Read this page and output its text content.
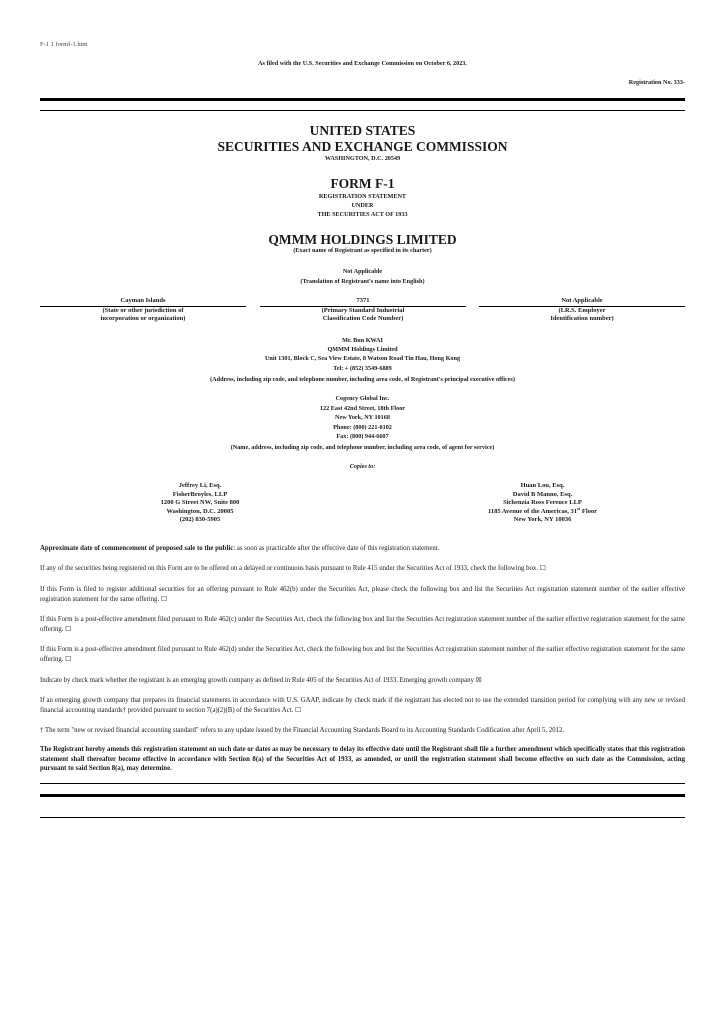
F-1 1 formf-1.htm
As filed with the U.S. Securities and Exchange Commission on October 6, 2023.
Registration No. 333-
UNITED STATES
SECURITIES AND EXCHANGE COMMISSION
WASHINGTON, D.C. 20549
FORM F-1
REGISTRATION STATEMENT
UNDER
THE SECURITIES ACT OF 1933
QMMM HOLDINGS LIMITED
(Exact name of Registrant as specified in its charter)
Not Applicable
(Translation of Registrant's name into English)
Cayman Islands
(State or other jurisdiction of
incorporation or organization)
7371
(Primary Standard Industrial
Classification Code Number)
Not Applicable
(I.R.S. Employer
Identification number)
Mr. Bun KWAI
QMMM Holdings Limited
Unit 1301, Block C, Sea View Estate, 8 Watson Road Tin Hau, Hong Kong
Tel: + (852) 3549-6889
(Address, including zip code, and telephone number, including area code, of Registrant's principal executive offices)
Cogency Global Inc.
122 East 42nd Street, 18th Floor
New York, NY 10168
Phone: (800) 221-0102
Fax: (800) 944-6607
(Name, address, including zip code, and telephone number, including area code, of agent for service)
Copies to:
Jeffrey Li, Esq.
FisherBroyles, LLP
1200 G Street NW, Suite 800
Washington, D.C. 20005
(202) 830-5905
Huan Lou, Esq.
David B Manno, Esq.
Sichenzia Ross Ference LLP
1185 Avenue of the Americas, 31st Floor
New York, NY 10036
Approximate date of commencement of proposed sale to the public: as soon as practicable after the effective date of this registration statement.
If any of the securities being registered on this Form are to be offered on a delayed or continuous basis pursuant to Rule 415 under the Securities Act of 1933, check the following box. ☐
If this Form is filed to register additional securities for an offering pursuant to Rule 462(b) under the Securities Act, please check the following box and list the Securities Act registration statement number of the earlier effective registration statement for the same offering. ☐
If this Form is a post-effective amendment filed pursuant to Rule 462(c) under the Securities Act, check the following box and list the Securities Act registration statement number of the earlier effective registration statement for the same offering. ☐
If this Form is a post-effective amendment filed pursuant to Rule 462(d) under the Securities Act, check the following box and list the Securities Act registration statement number of the earlier effective registration statement for the same offering. ☐
Indicate by check mark whether the registrant is an emerging growth company as defined in Rule 405 of the Securities Act of 1933. Emerging growth company ☒
If an emerging growth company that prepares its financial statements in accordance with U.S. GAAP, indicate by check mark if the registrant has elected not to use the extended transition period for complying with any new or revised financial accounting standards† provided pursuant to section 7(a)(2)(B) of the Securities Act. ☐
† The term "new or revised financial accounting standard" refers to any update issued by the Financial Accounting Standards Board to its Accounting Standards Codification after April 5, 2012.
The Registrant hereby amends this registration statement on such date or dates as may be necessary to delay its effective date until the Registrant shall file a further amendment which specifically states that this registration statement shall thereafter become effective in accordance with Section 8(a) of the Securities Act of 1933, as amended, or until the registration statement shall become effective on such date as the Commission, acting pursuant to said Section 8(a), may determine.
